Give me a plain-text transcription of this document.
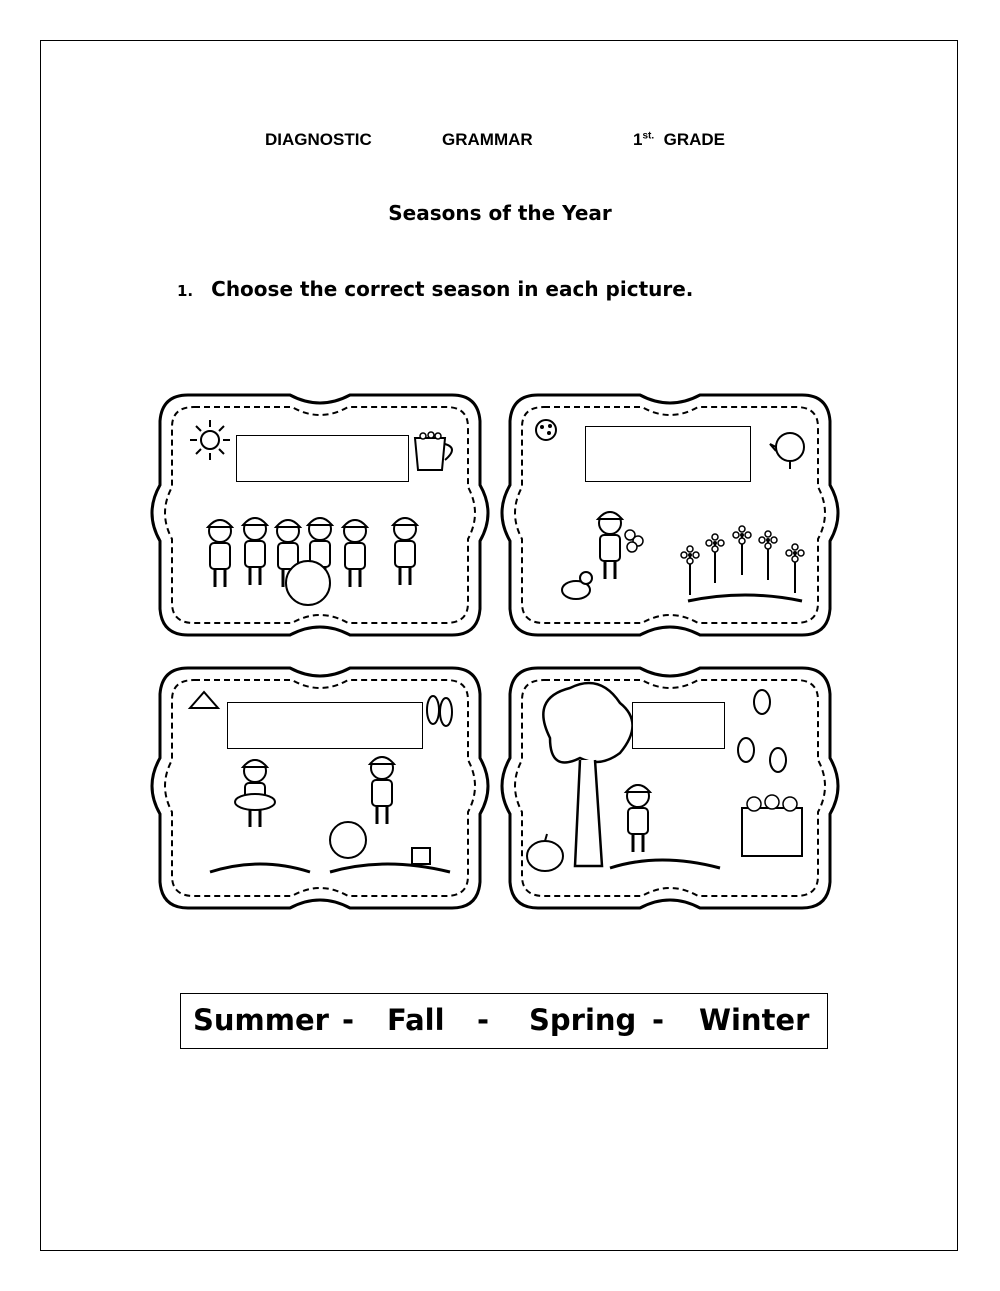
DIAGNOSTIC	GRAMMAR	$1^{st.}$ GRADE
Seasons of the Year
1. Choose the correct season in each picture.
Summer - Fall - Spring - Winter
